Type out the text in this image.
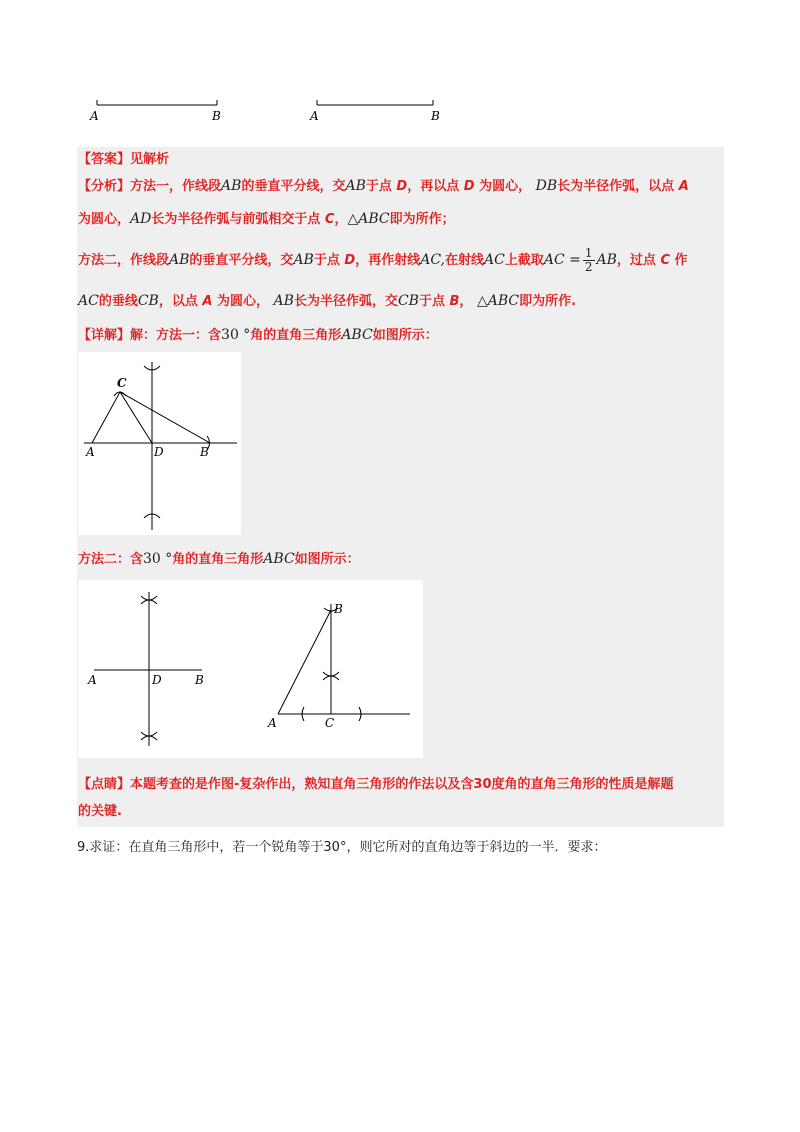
A	B	A	B
【答案】见解析
【分析】方法一，作线段AB的垂直平分线，交AB于点 D，再以点 D 为圆心， DB长为半径作弧，以点 A
为圆心，AD长为半径作弧与前弧相交于点 C，△ABC即为所作；
方法二，作线段AB的垂直平分线，交AB于点 D，再作射线AC,在射线AC上截取AC = $\frac{1}{2}$ AB，过点 C 作
AC的垂线CB，以点 A 为圆心， AB长为半径作弧，交CB于点 B， △ABC即为所作.
【详解】解：方法一：含30 °角的直角三角形ABC如图所示：
C
A	D	B
方法二：含30 °角的直角三角形ABC如图所示：
A	D	B
B
A	C
【点睛】本题考查的是作图-复杂作出，熟知直角三角形的作法以及含30度角的直角三角形的性质是解题
的关键.
9.求证：在直角三角形中，若一个锐角等于30°，则它所对的直角边等于斜边的一半．要求：
